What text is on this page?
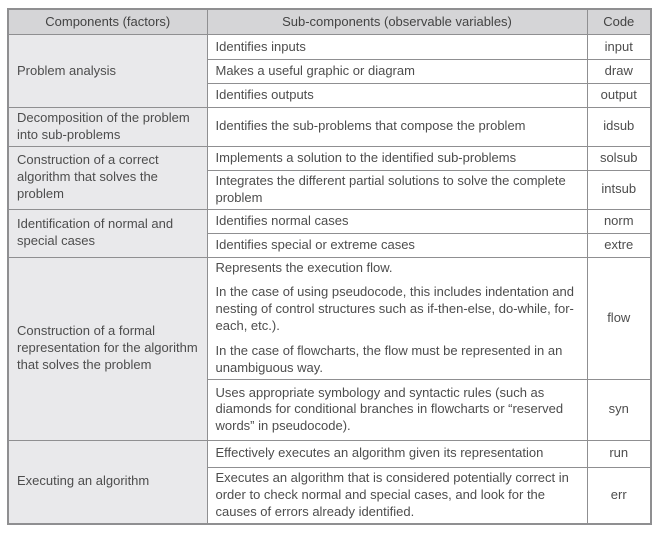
Components (factors)	Sub-components (observable variables)	Code
Problem analysis	Identifies inputs	input
	Makes a useful graphic or diagram	draw
	Identifies outputs	output
Decomposition of the problem into sub-problems	Identifies the sub-problems that compose the problem	idsub
Construction of a correct algorithm that solves the problem	Implements a solution to the identified sub-problems	solsub
	Integrates the different partial solutions to solve the complete problem	intsub
Identification of normal and special cases	Identifies normal cases	norm
	Identifies special or extreme cases	extre
Construction of a formal representation for the algorithm that solves the problem	Represents the execution flow.

In the case of using pseudocode, this includes indentation and nesting of control structures such as if-then-else, do-while, for-each, etc.).

In the case of flowcharts, the flow must be represented in an unambiguous way.	flow
	Uses appropriate symbology and syntactic rules (such as diamonds for conditional branches in flowcharts or “reserved words” in pseudocode).	syn
Executing an algorithm	Effectively executes an algorithm given its representation	run
	Executes an algorithm that is considered potentially correct in order to check normal and special cases, and look for the causes of errors already identified.	err
